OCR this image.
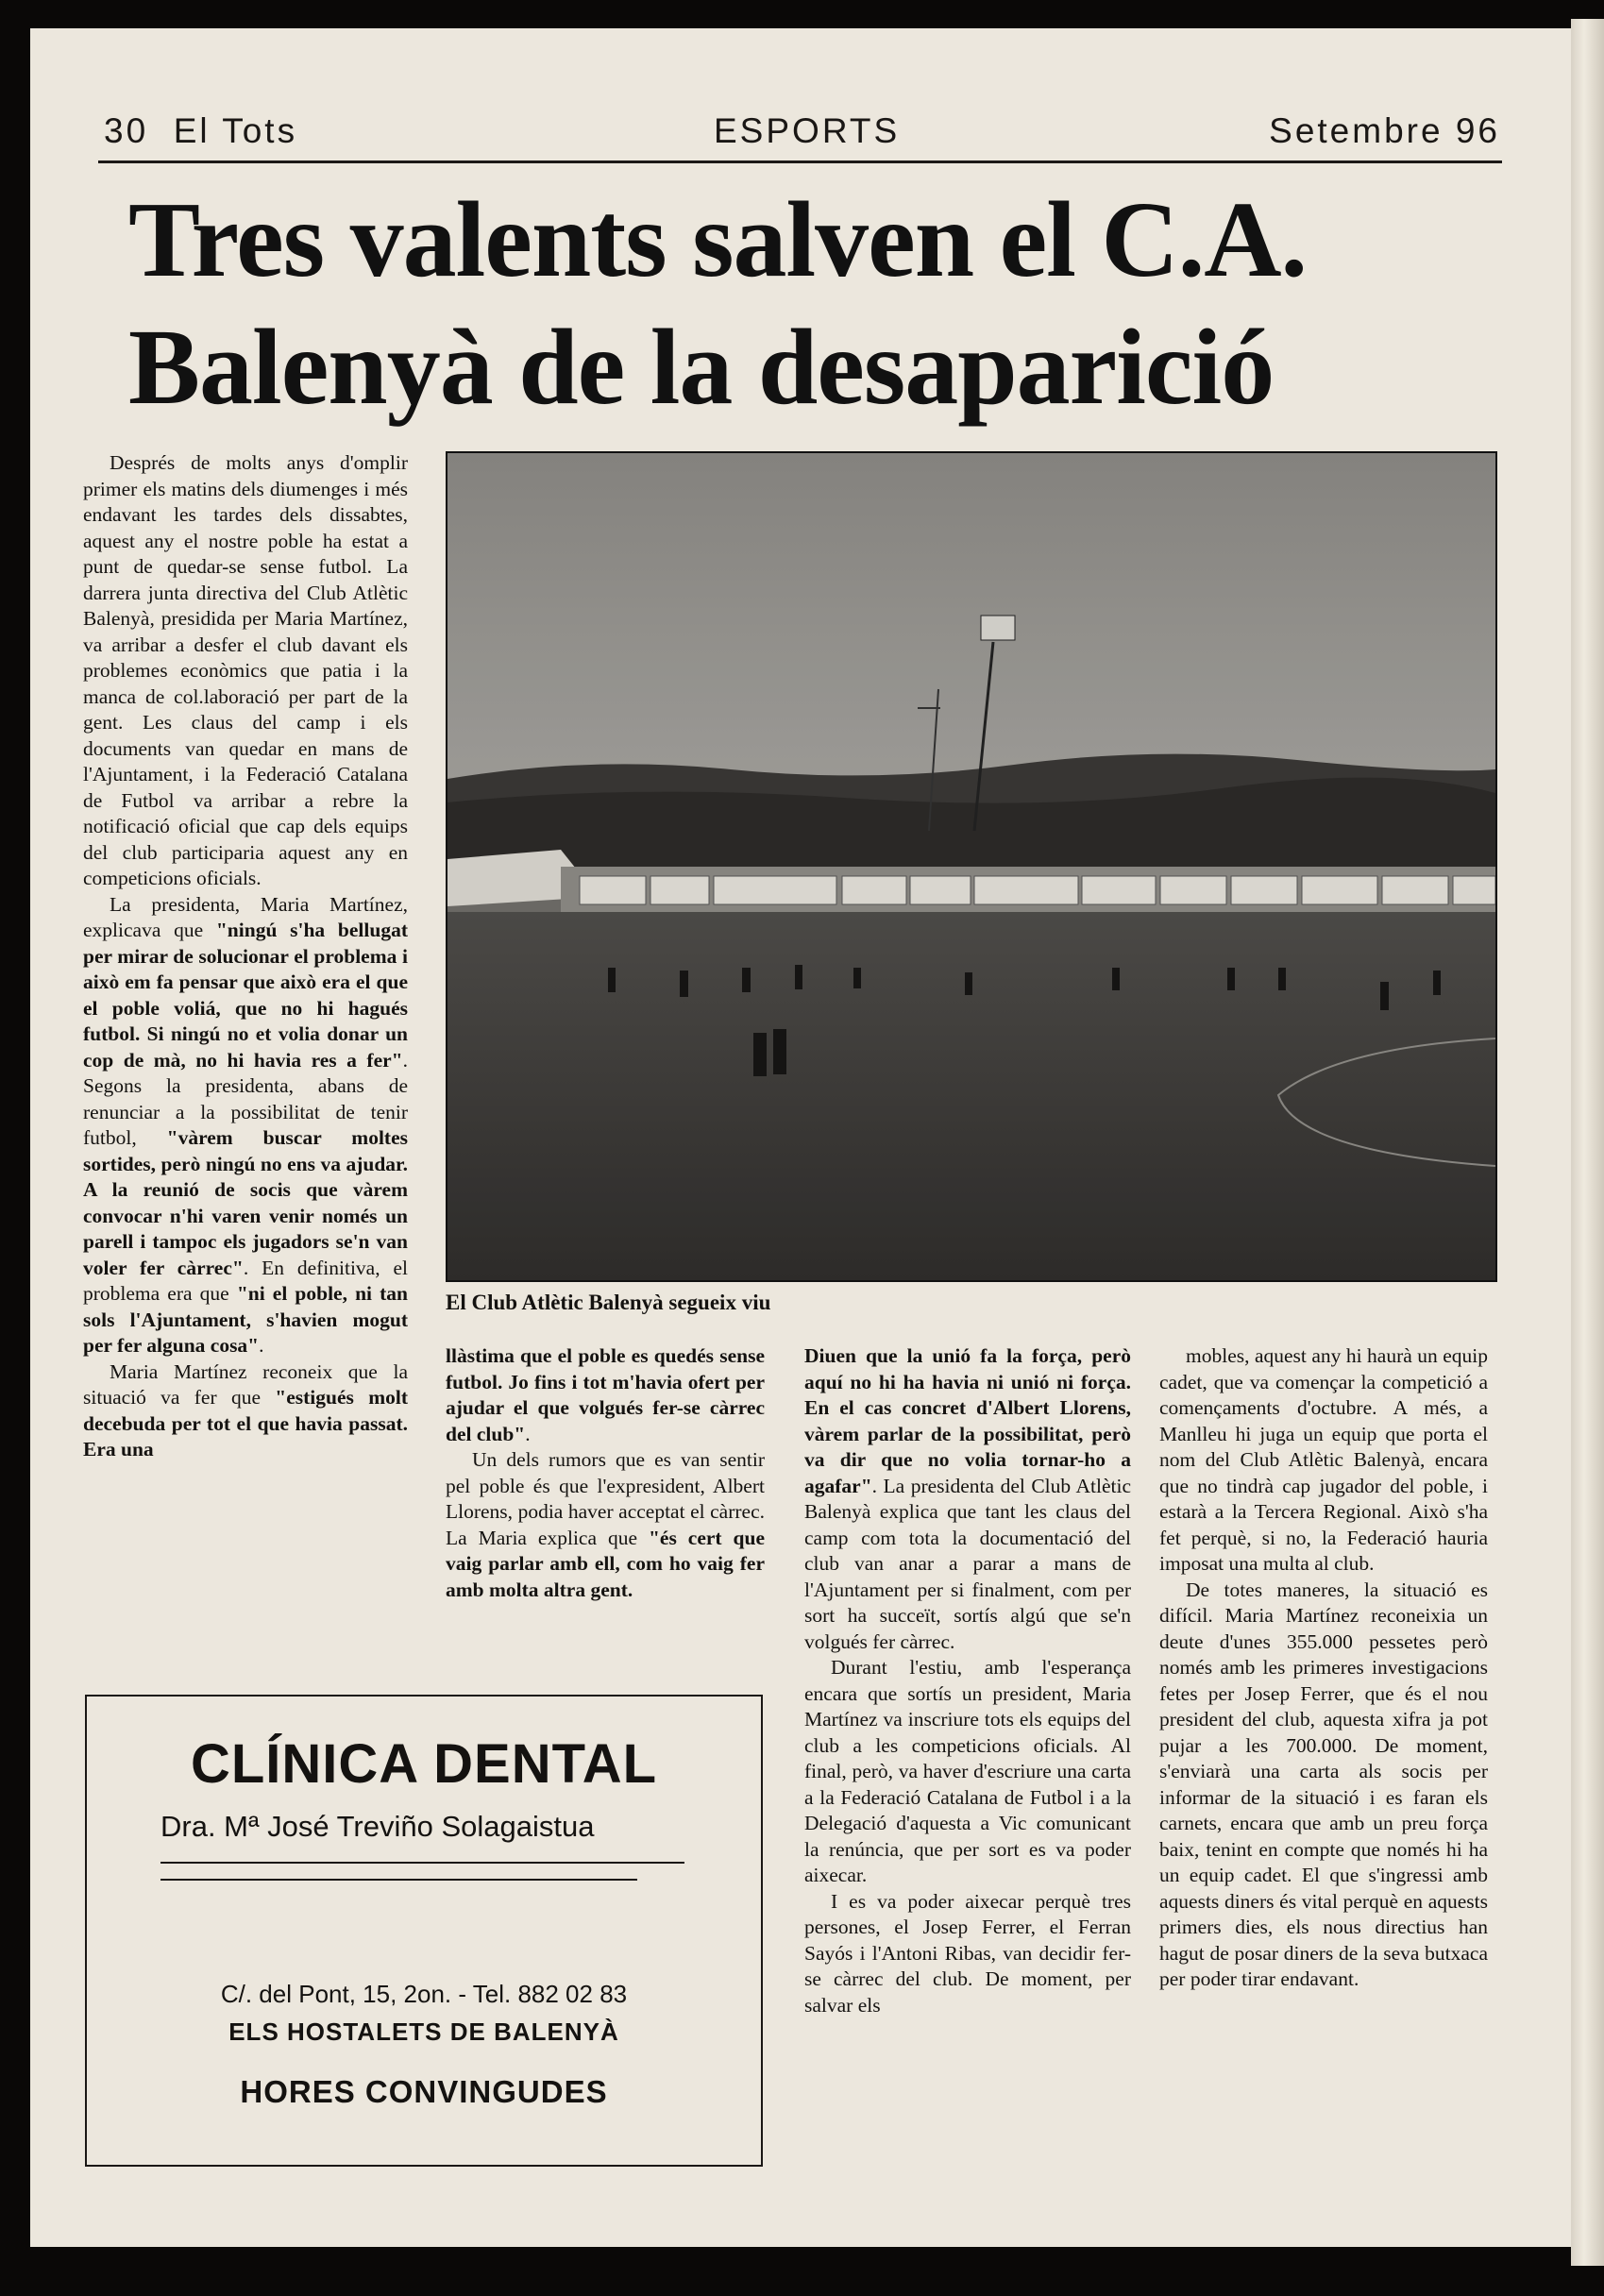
30  El Tots	ESPORTS	Setembre 96
Tres valents salven el C.A.
Balenyà de la desaparició

Després de molts anys d'omplir primer els matins dels diumenges i més endavant les tardes dels dissabtes, aquest any el nostre poble ha estat a punt de quedar-se sense futbol. La darrera junta directiva del Club Atlètic Balenyà, presidida per Maria Martínez, va arribar a desfer el club davant els problemes econòmics que patia i la manca de col.laboració per part de la gent. Les claus del camp i els documents van quedar en mans de l'Ajuntament, i la Federació Catalana de Futbol va arribar a rebre la notificació oficial que cap dels equips del club participaria aquest any en competicions oficials.

La presidenta, Maria Martínez, explicava que "ningú s'ha bellugat per mirar de solucionar el problema i això em fa pensar que això era el que el poble voliá, que no hi hagués futbol. Si ningú no et volia donar un cop de mà, no hi havia res a fer". Segons la presidenta, abans de renunciar a la possibilitat de tenir futbol, "vàrem buscar moltes sortides, però ningú no ens va ajudar. A la reunió de socis que vàrem convocar n'hi varen venir només un parell i tampoc els jugadors se'n van voler fer càrrec". En definitiva, el problema era que "ni el poble, ni tan sols l'Ajuntament, s'havien mogut per fer alguna cosa".

Maria Martínez reconeix que la situació va fer que "estigués molt decebuda per tot el que havia passat. Era una

El Club Atlètic Balenyà segueix viu

llàstima que el poble es quedés sense futbol. Jo fins i tot m'havia ofert per ajudar el que volgués fer-se càrrec del club".

Un dels rumors que es van sentir pel poble és que l'expresident, Albert Llorens, podia haver acceptat el càrrec. La Maria explica que "és cert que vaig parlar amb ell, com ho vaig fer amb molta altra gent.

Diuen que la unió fa la força, però aquí no hi ha havia ni unió ni força. En el cas concret d'Albert Llorens, vàrem parlar de la possibilitat, però va dir que no volia tornar-ho a agafar". La presidenta del Club Atlètic Balenyà explica que tant les claus del camp com tota la documentació del club van anar a parar a mans de l'Ajuntament per si finalment, com per sort ha succeït, sortís algú que se'n volgués fer càrrec.

Durant l'estiu, amb l'esperança encara que sortís un president, Maria Martínez va inscriure tots els equips del club a les competicions oficials. Al final, però, va haver d'escriure una carta a la Federació Catalana de Futbol i a la Delegació d'aquesta a Vic comunicant la renúncia, que per sort es va poder aixecar.

I es va poder aixecar perquè tres persones, el Josep Ferrer, el Ferran Sayós i l'Antoni Ribas, van decidir fer-se càrrec del club. De moment, per salvar els

mobles, aquest any hi haurà un equip cadet, que va començar la competició a començaments d'octubre. A més, a Manlleu hi juga un equip que porta el nom del Club Atlètic Balenyà, encara que no tindrà cap jugador del poble, i estarà a la Tercera Regional. Això s'ha fet perquè, si no, la Federació hauria imposat una multa al club.

De totes maneres, la situació es difícil. Maria Martínez reconeixia un deute d'unes 355.000 pessetes però només amb les primeres investigacions fetes per Josep Ferrer, que és el nou president del club, aquesta xifra ja pot pujar a les 700.000. De moment, s'enviarà una carta als socis per informar de la situació i es faran els carnets, encara que amb un preu força baix, tenint en compte que només hi ha un equip cadet. El que s'ingressi amb aquests diners és vital perquè en aquests primers dies, els nous directius han hagut de posar diners de la seva butxaca per poder tirar endavant.

CLÍNICA DENTAL
Dra. Mª José Treviño Solagaistua
C/. del Pont, 15, 2on. - Tel. 882 02 83
ELS HOSTALETS DE BALENYÀ
HORES CONVINGUDES
